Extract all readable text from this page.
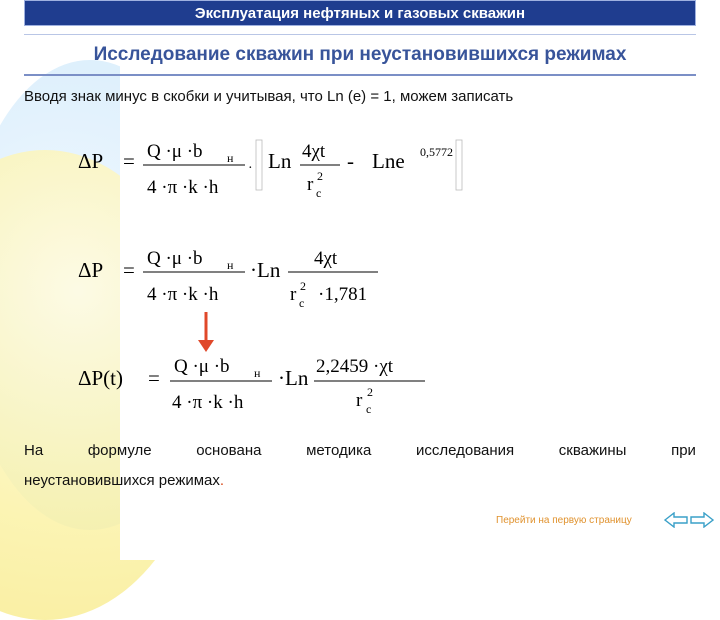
Эксплуатация нефтяных и газовых скважин
Исследование скважин при неустановившихся режимах
Вводя знак минус в скобки и учитывая, что Ln (e) = 1, можем записать
ΔP = Q ·μ ·b н
4 ·π ·k ·h
· Ln 4χt
r 2
c
- Lne 0,5772
ΔP = Q ·μ ·b н
4 ·π ·k ·h
·Ln 4χt
r 2
c ·1,781
ΔP(t) = Q ·μ ·b н
4 ·π ·k ·h
·Ln 2,2459 ·χt
r 2
c
На	формуле	основана	методика	исследования	скважины	при
неустановившихся режимах.
Перейти на первую страницу
